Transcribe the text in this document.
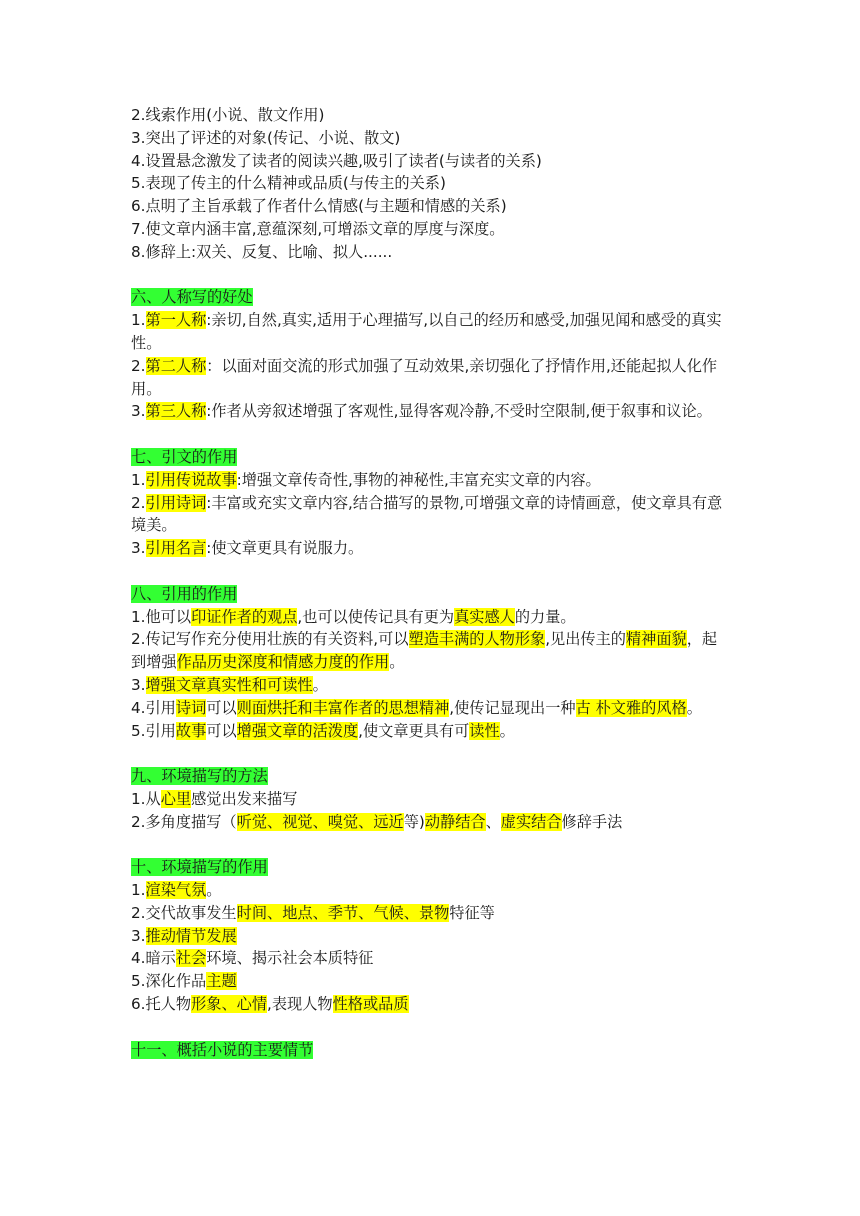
2.线索作用(小说、散文作用)
3.突出了评述的对象(传记、小说、散文)
4.设置悬念激发了读者的阅读兴趣,吸引了读者(与读者的关系)
5.表现了传主的什么精神或品质(与传主的关系)
6.点明了主旨承载了作者什么情感(与主题和情感的关系)
7.使文章内涵丰富,意蕴深刻,可增添文章的厚度与深度。
8.修辞上:双关、反复、比喻、拟人......
六、人称写的好处
1.第一人称:亲切,自然,真实,适用于心理描写,以自己的经历和感受,加强见闻和感受的真实性。
2.第二人称：以面对面交流的形式加强了互动效果,亲切强化了抒情作用,还能起拟人化作用。
3.第三人称:作者从旁叙述增强了客观性,显得客观冷静,不受时空限制,便于叙事和议论。
七、引文的作用
1.引用传说故事:增强文章传奇性,事物的神秘性,丰富充实文章的内容。
2.引用诗词:丰富或充实文章内容,结合描写的景物,可增强文章的诗情画意，使文章具有意境美。
3.引用名言:使文章更具有说服力。
八、引用的作用
1.他可以印证作者的观点,也可以使传记具有更为真实感人的力量。
2.传记写作充分使用壮族的有关资料,可以塑造丰满的人物形象,见出传主的精神面貌，起到增强作品历史深度和情感力度的作用。
3.增强文章真实性和可读性。
4.引用诗词可以则面烘托和丰富作者的思想精神,使传记显现出一种古 朴文雅的风格。
5.引用故事可以增强文章的活泼度,使文章更具有可读性。
九、环境描写的方法
1.从心里感觉出发来描写
2.多角度描写（听觉、视觉、嗅觉、远近等)动静结合、虚实结合修辞手法
十、环境描写的作用
1.渲染气氛。
2.交代故事发生时间、地点、季节、气候、景物特征等
3.推动情节发展
4.暗示社会环境、揭示社会本质特征
5.深化作品主题
6.托人物形象、心情,表现人物性格或品质
十一、概括小说的主要情节
